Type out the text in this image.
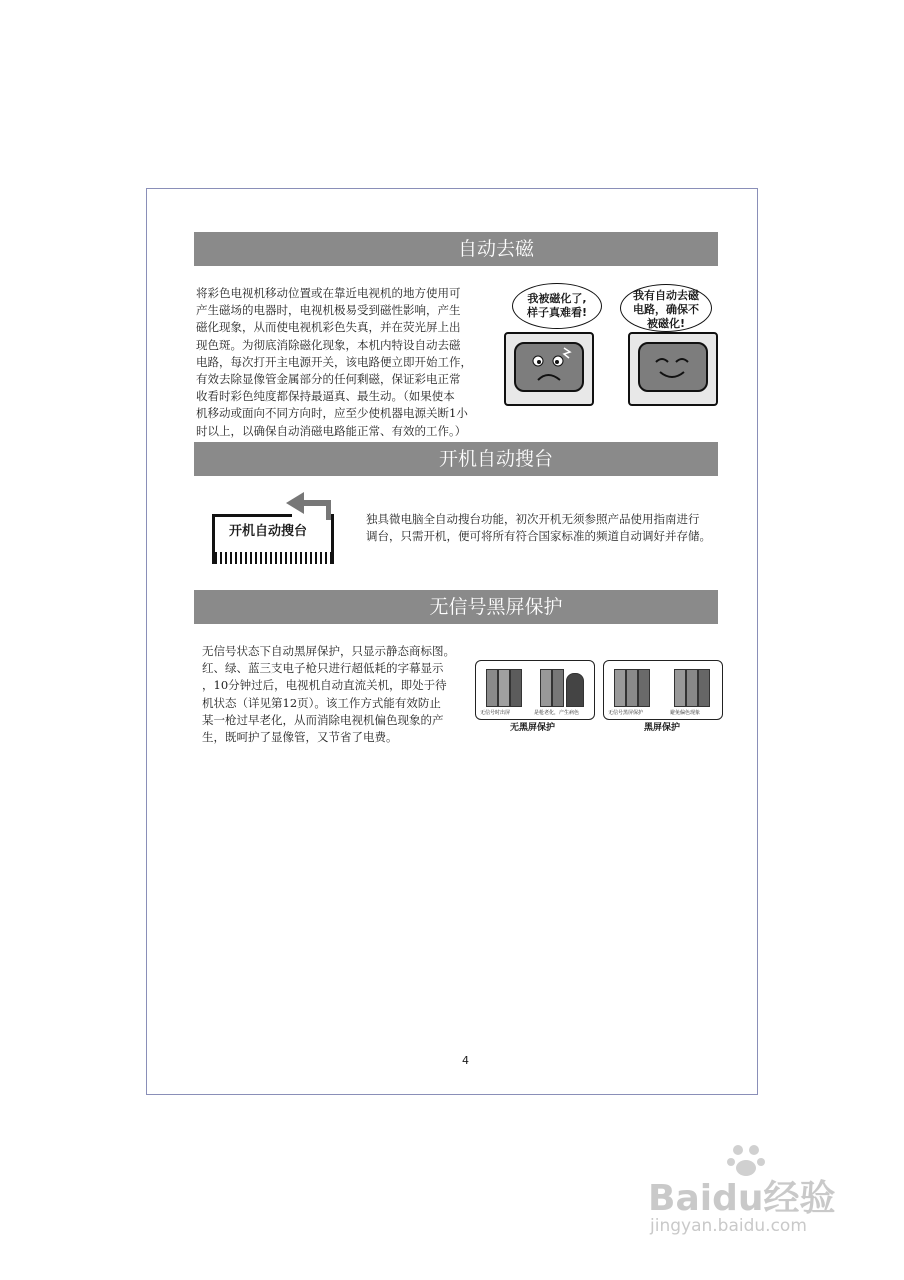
自动去磁
将彩色电视机移动位置或在靠近电视机的地方使用可
产生磁场的电器时，电视机极易受到磁性影响，产生
磁化现象，从而使电视机彩色失真，并在荧光屏上出
现色斑。为彻底消除磁化现象，本机内特设自动去磁
电路，每次打开主电源开关，该电路便立即开始工作，
有效去除显像管金属部分的任何剩磁，保证彩电正常
收看时彩色纯度都保持最逼真、最生动。（如果使本
机移动或面向不同方向时，应至少使机器电源关断1小
时以上，以确保自动消磁电路能正常、有效的工作。）
我被磁化了,
样子真难看!
我有自动去磁
电路，确保不
被磁化!
开机自动搜台
开机自动搜台
独具微电脑全自动搜台功能，初次开机无须参照产品使用指南进行
调台，只需开机，便可将所有符合国家标准的频道自动调好并存储。
无信号黑屏保护
无信号状态下自动黑屏保护，只显示静态商标图。
红、绿、蓝三支电子枪只进行超低耗的字幕显示
，10分钟过后，电视机自动直流关机，即处于待
机状态（详见第12页）。该工作方式能有效防止
某一枪过早老化，从而消除电视机偏色现象的产
生，既呵护了显像管，又节省了电费。
无信号时出屏	是枪老化，产生病色
无黑屏保护
无信号黑屏保护	避免偏色现象
黑屏保护
4
Baidu经验
jingyan.baidu.com
